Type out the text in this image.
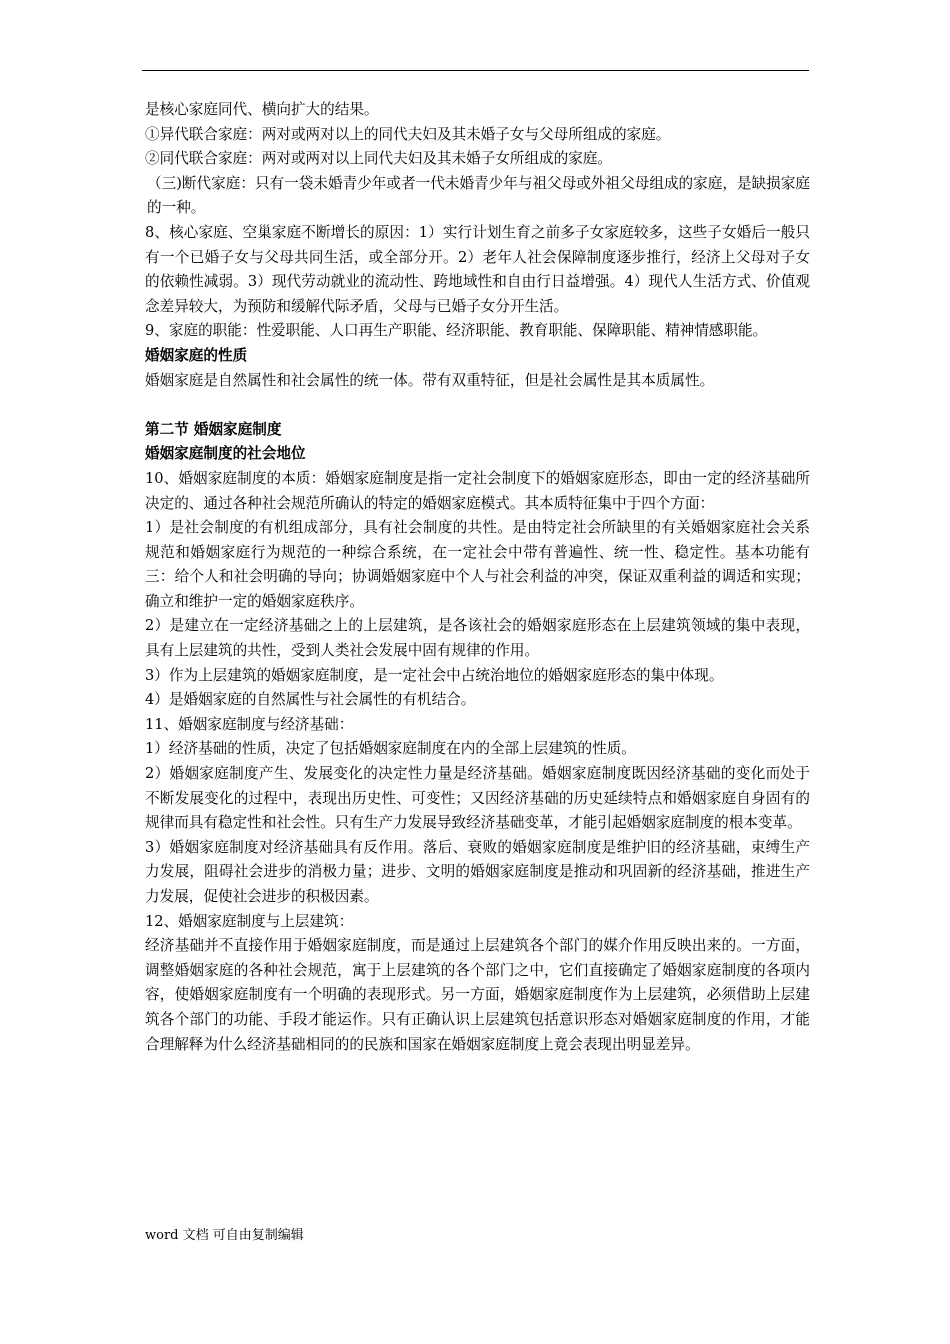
是核心家庭同代、横向扩大的结果。

①异代联合家庭：两对或两对以上的同代夫妇及其未婚子女与父母所组成的家庭。

②同代联合家庭：两对或两对以上同代夫妇及其未婚子女所组成的家庭。

（三)断代家庭：只有一袋未婚青少年或者一代未婚青少年与祖父母或外祖父母组成的家庭，是缺损家庭的一种。

8、核心家庭、空巢家庭不断增长的原因：1）实行计划生育之前多子女家庭较多，这些子女婚后一般只有一个已婚子女与父母共同生活，或全部分开。2）老年人社会保障制度逐步推行，经济上父母对子女的依赖性减弱。3）现代劳动就业的流动性、跨地域性和自由行日益增强。4）现代人生活方式、价值观念差异较大，为预防和缓解代际矛盾，父母与已婚子女分开生活。

9、家庭的职能：性爱职能、人口再生产职能、经济职能、教育职能、保障职能、精神情感职能。

婚姻家庭的性质

婚姻家庭是自然属性和社会属性的统一体。带有双重特征，但是社会属性是其本质属性。

第二节 婚姻家庭制度

婚姻家庭制度的社会地位

10、婚姻家庭制度的本质：婚姻家庭制度是指一定社会制度下的婚姻家庭形态，即由一定的经济基础所决定的、通过各种社会规范所确认的特定的婚姻家庭模式。其本质特征集中于四个方面：

1）是社会制度的有机组成部分，具有社会制度的共性。是由特定社会所缺里的有关婚姻家庭社会关系规范和婚姻家庭行为规范的一种综合系统，在一定社会中带有普遍性、统一性、稳定性。基本功能有三：给个人和社会明确的导向；协调婚姻家庭中个人与社会利益的冲突，保证双重利益的调适和实现；确立和维护一定的婚姻家庭秩序。

2）是建立在一定经济基础之上的上层建筑，是各该社会的婚姻家庭形态在上层建筑领域的集中表现，具有上层建筑的共性，受到人类社会发展中固有规律的作用。

3）作为上层建筑的婚姻家庭制度，是一定社会中占统治地位的婚姻家庭形态的集中体现。

4）是婚姻家庭的自然属性与社会属性的有机结合。

11、婚姻家庭制度与经济基础：

1）经济基础的性质，决定了包括婚姻家庭制度在内的全部上层建筑的性质。

2）婚姻家庭制度产生、发展变化的决定性力量是经济基础。婚姻家庭制度既因经济基础的变化而处于不断发展变化的过程中，表现出历史性、可变性；又因经济基础的历史延续特点和婚姻家庭自身固有的规律而具有稳定性和社会性。只有生产力发展导致经济基础变革，才能引起婚姻家庭制度的根本变革。

3）婚姻家庭制度对经济基础具有反作用。落后、衰败的婚姻家庭制度是维护旧的经济基础，束缚生产力发展，阻碍社会进步的消极力量；进步、文明的婚姻家庭制度是推动和巩固新的经济基础，推进生产力发展，促使社会进步的积极因素。

12、婚姻家庭制度与上层建筑：

经济基础并不直接作用于婚姻家庭制度，而是通过上层建筑各个部门的媒介作用反映出来的。一方面，调整婚姻家庭的各种社会规范，寓于上层建筑的各个部门之中，它们直接确定了婚姻家庭制度的各项内容，使婚姻家庭制度有一个明确的表现形式。另一方面，婚姻家庭制度作为上层建筑，必须借助上层建筑各个部门的功能、手段才能运作。只有正确认识上层建筑包括意识形态对婚姻家庭制度的作用，才能合理解释为什么经济基础相同的的民族和国家在婚姻家庭制度上竟会表现出明显差异。

word 文档 可自由复制编辑
